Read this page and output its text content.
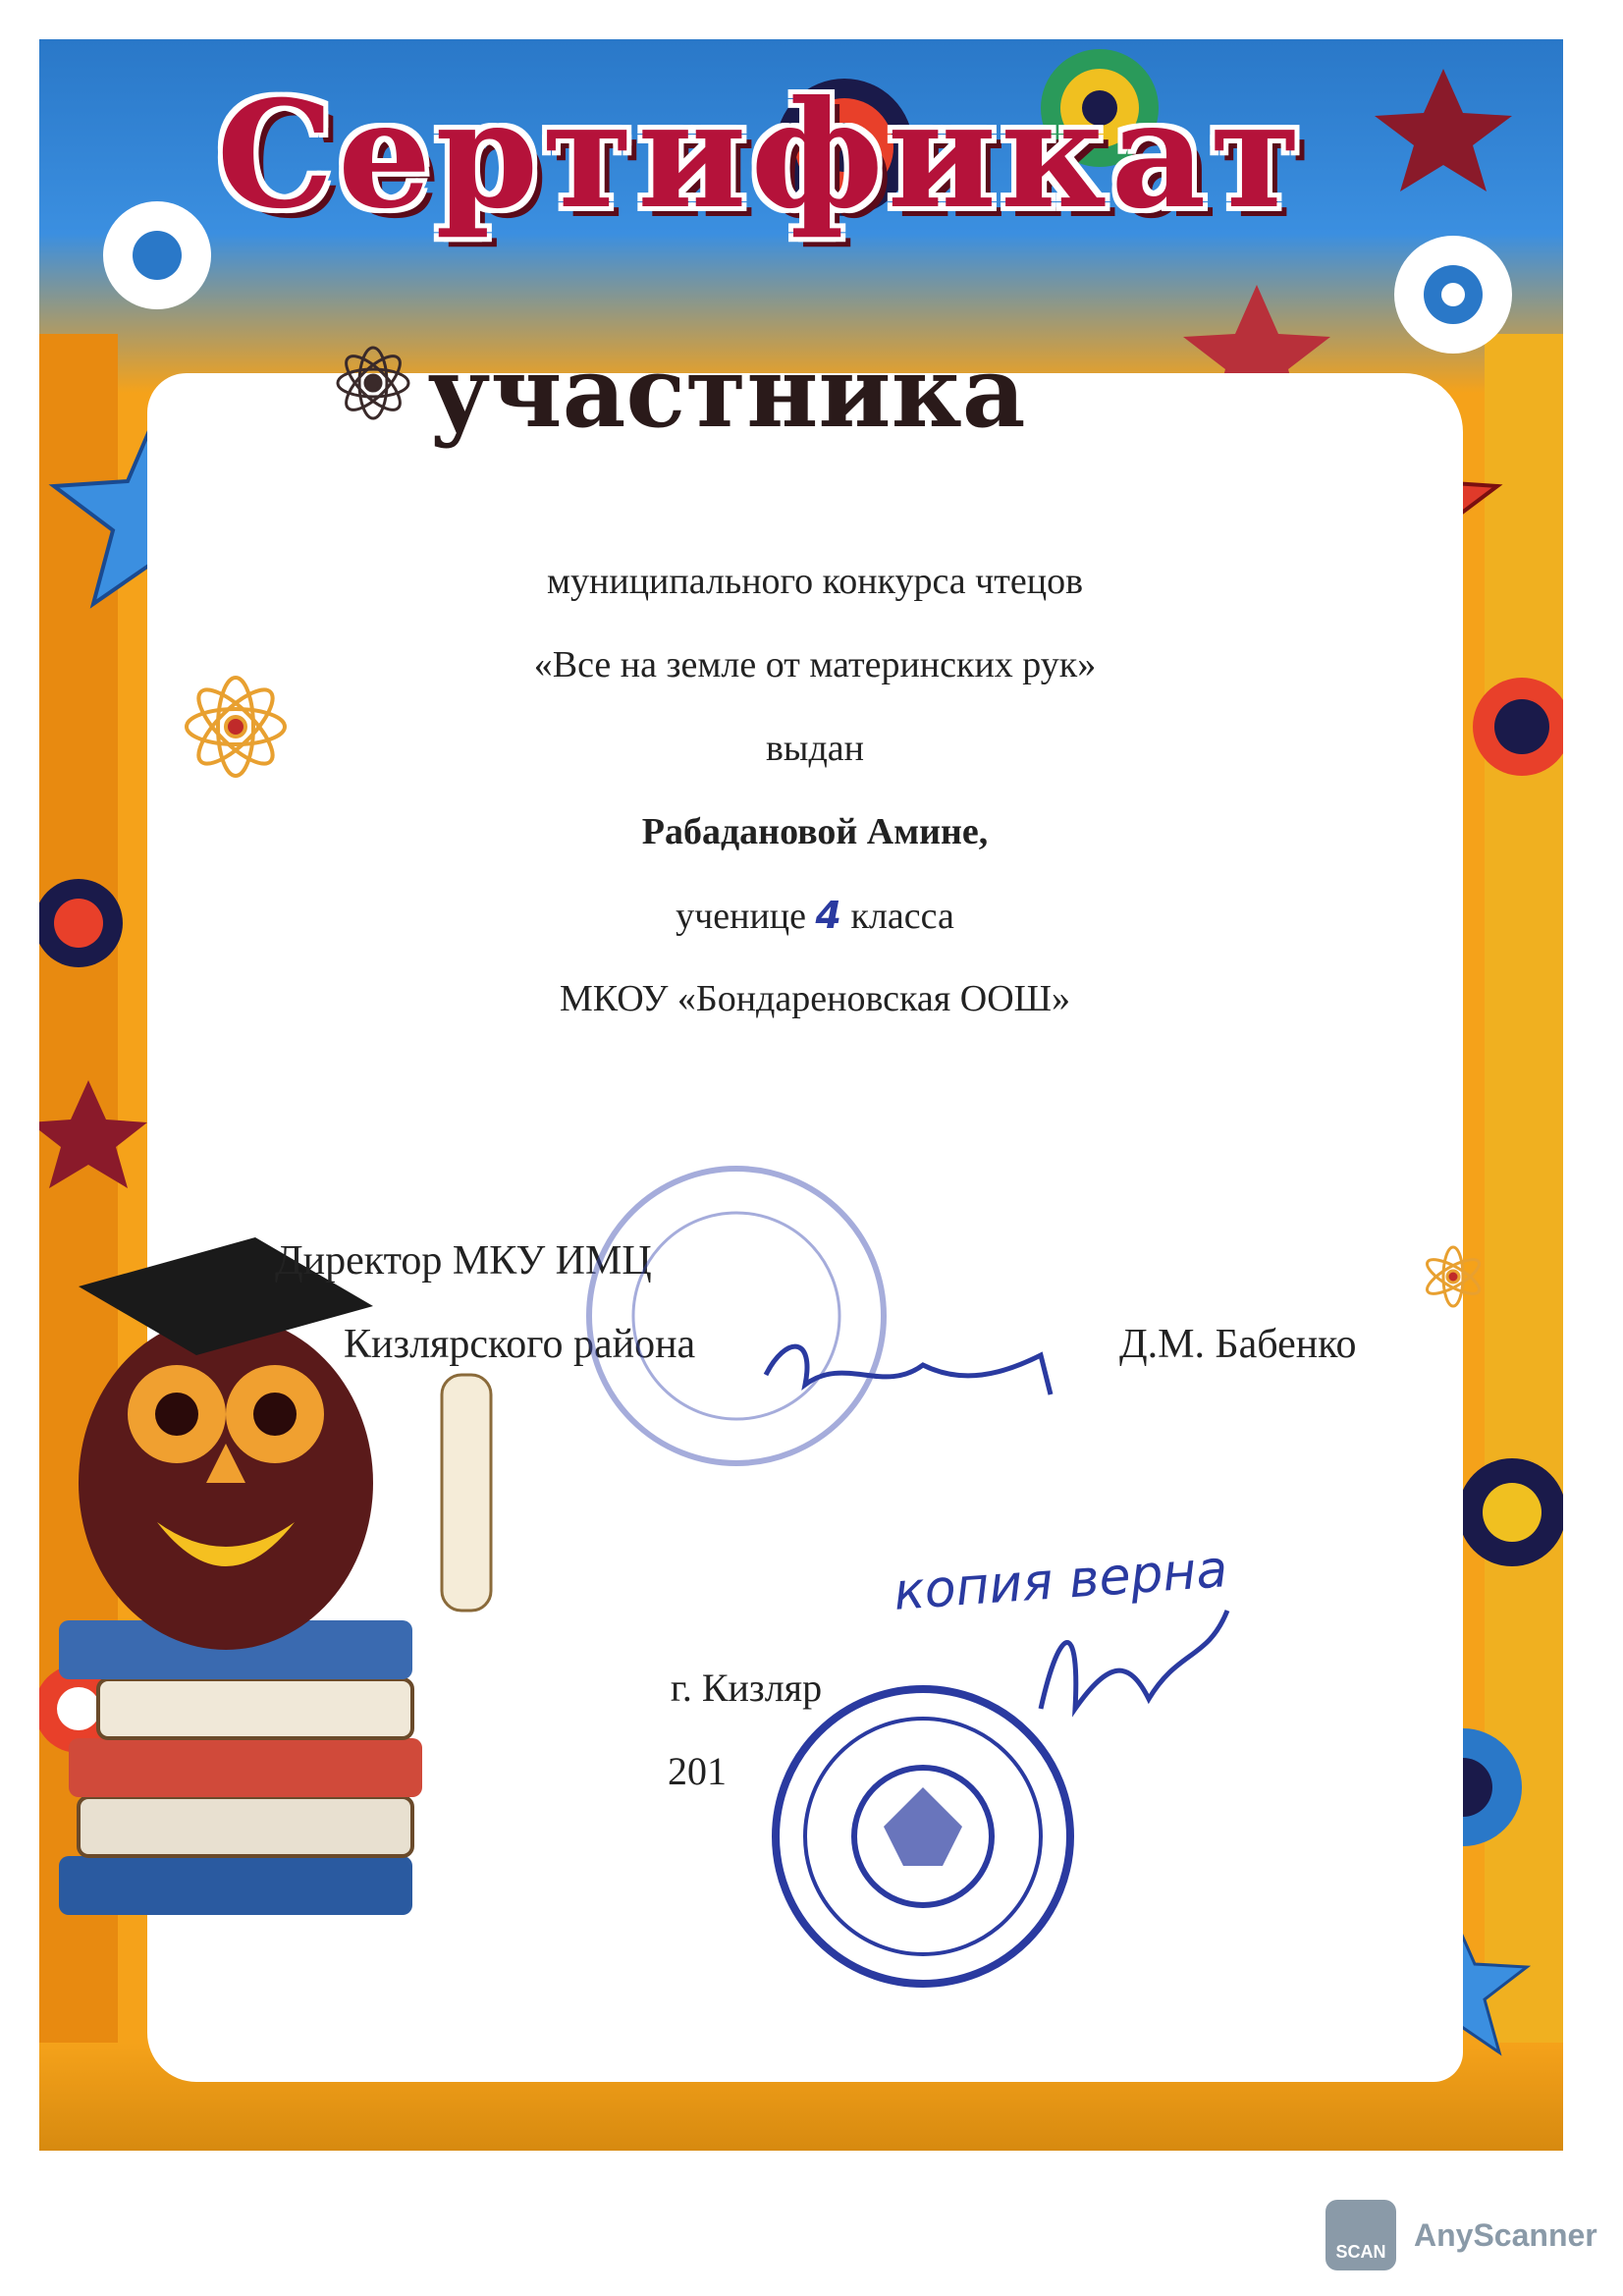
Сертификат
участника
муниципального конкурса чтецов
«Все на земле от материнских рук»
выдан
Рабадановой Амине,
ученице 4 класса
МКОУ «Бондареновская ООШ»
Директор МКУ ИМЦ
Кизлярского района	Д.М. Бабенко
копия верна
г. Кизляр
201
SCAN AnyScanner
